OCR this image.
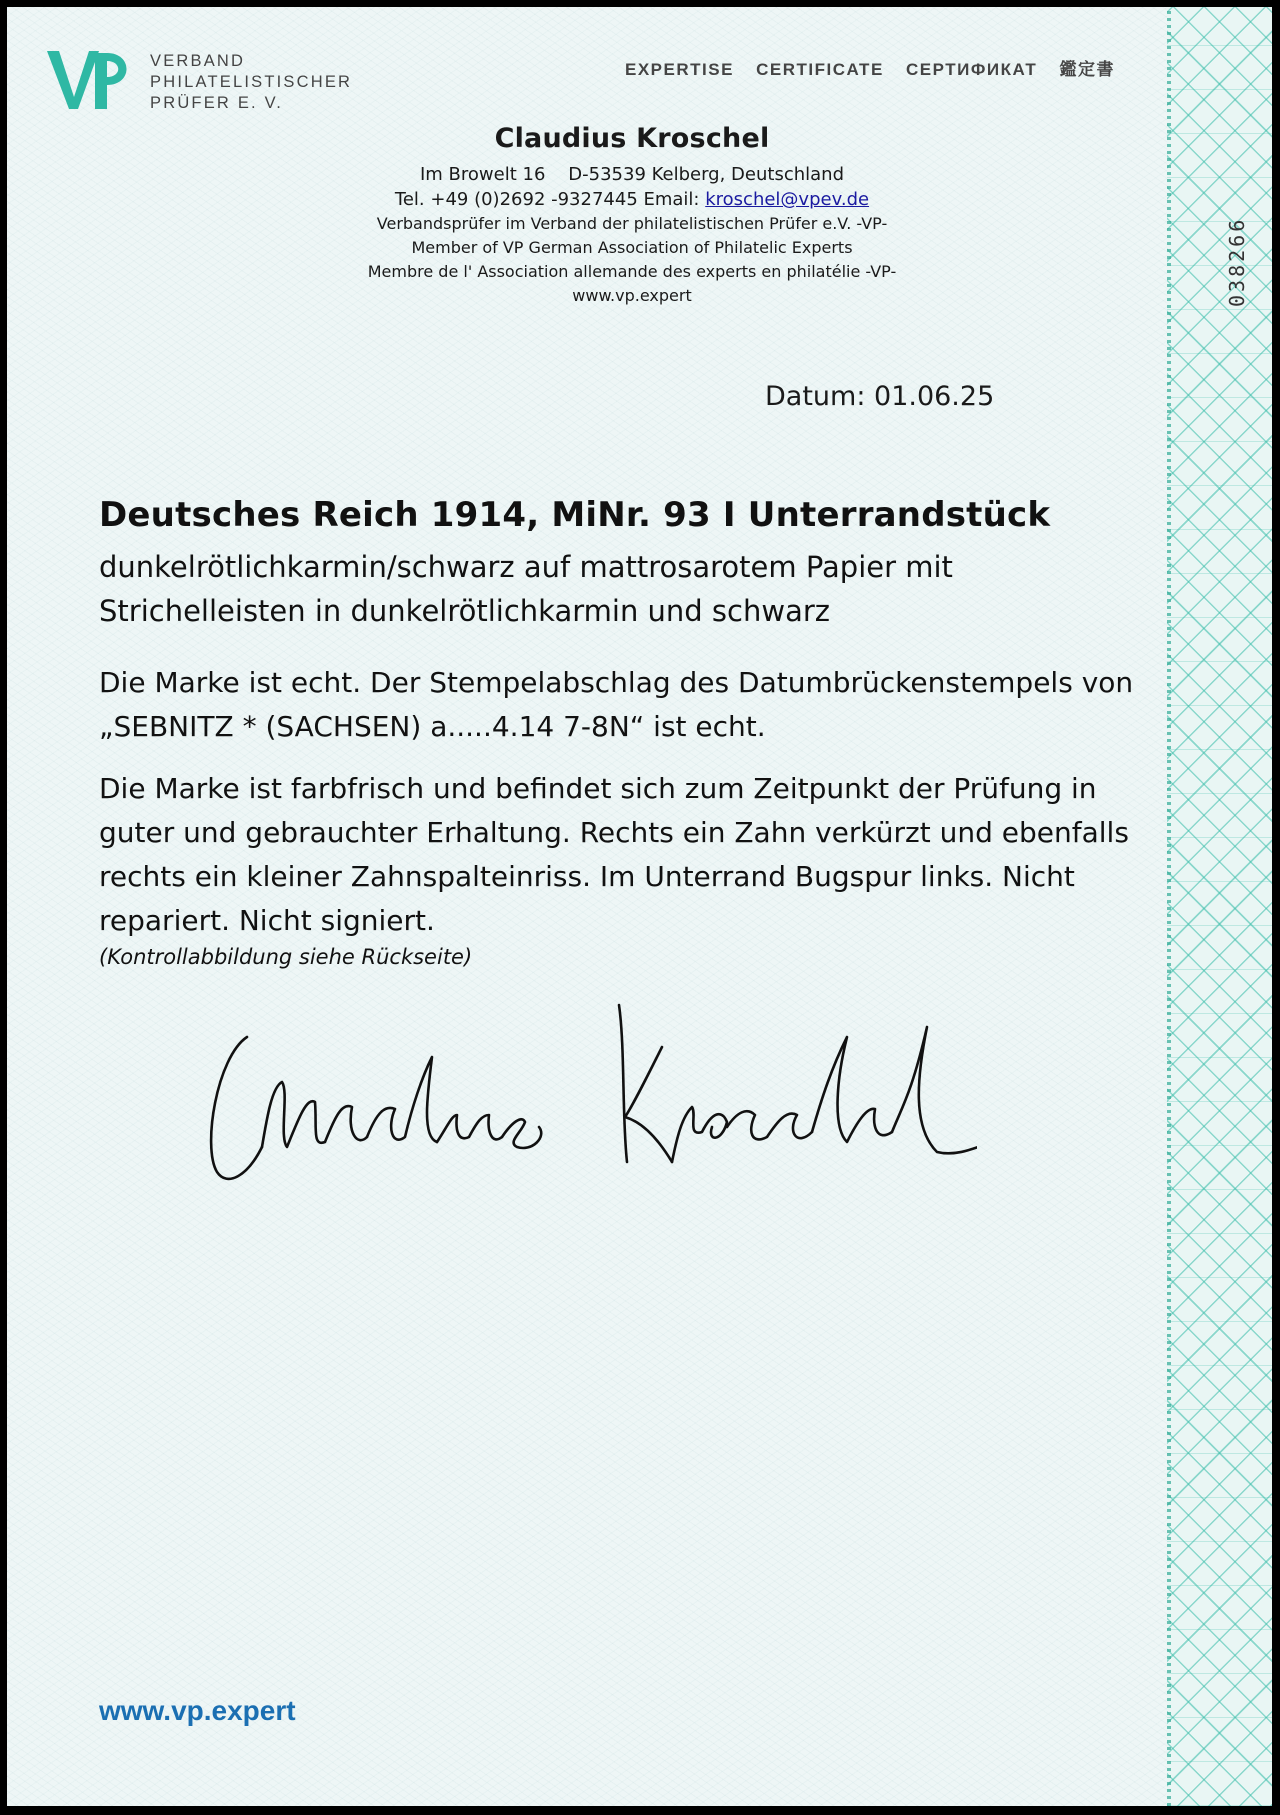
038266
VERBAND
PHILATELISTISCHER
PRÜFER E. V.
EXPERTISE CERTIFICATE СЕРТИФИКАТ 鑑定書
Claudius Kroschel
Im Browelt 16    D-53539 Kelberg, Deutschland
Tel. +49 (0)2692 -9327445 Email: kroschel@vpev.de
Verbandsprüfer im Verband der philatelistischen Prüfer e.V. -VP-
Member of VP German Association of Philatelic Experts
Membre de l' Association allemande des experts en philatélie -VP-
www.vp.expert
Datum: 01.06.25
Deutsches Reich 1914, MiNr. 93 I Unterrandstück

dunkelrötlichkarmin/schwarz auf mattrosarotem Papier mit Strichelleisten in dunkelrötlichkarmin und schwarz

Die Marke ist echt. Der Stempelabschlag des Datumbrückenstempels von „SEBNITZ * (SACHSEN) a.....4.14 7-8N“ ist echt.

Die Marke ist farbfrisch und befindet sich zum Zeitpunkt der Prüfung in guter und gebrauchter Erhaltung. Rechts ein Zahn verkürzt und ebenfalls rechts ein kleiner Zahnspalteinriss. Im Unterrand Bugspur links. Nicht repariert. Nicht signiert.

(Kontrollabbildung siehe Rückseite)
www.vp.expert
